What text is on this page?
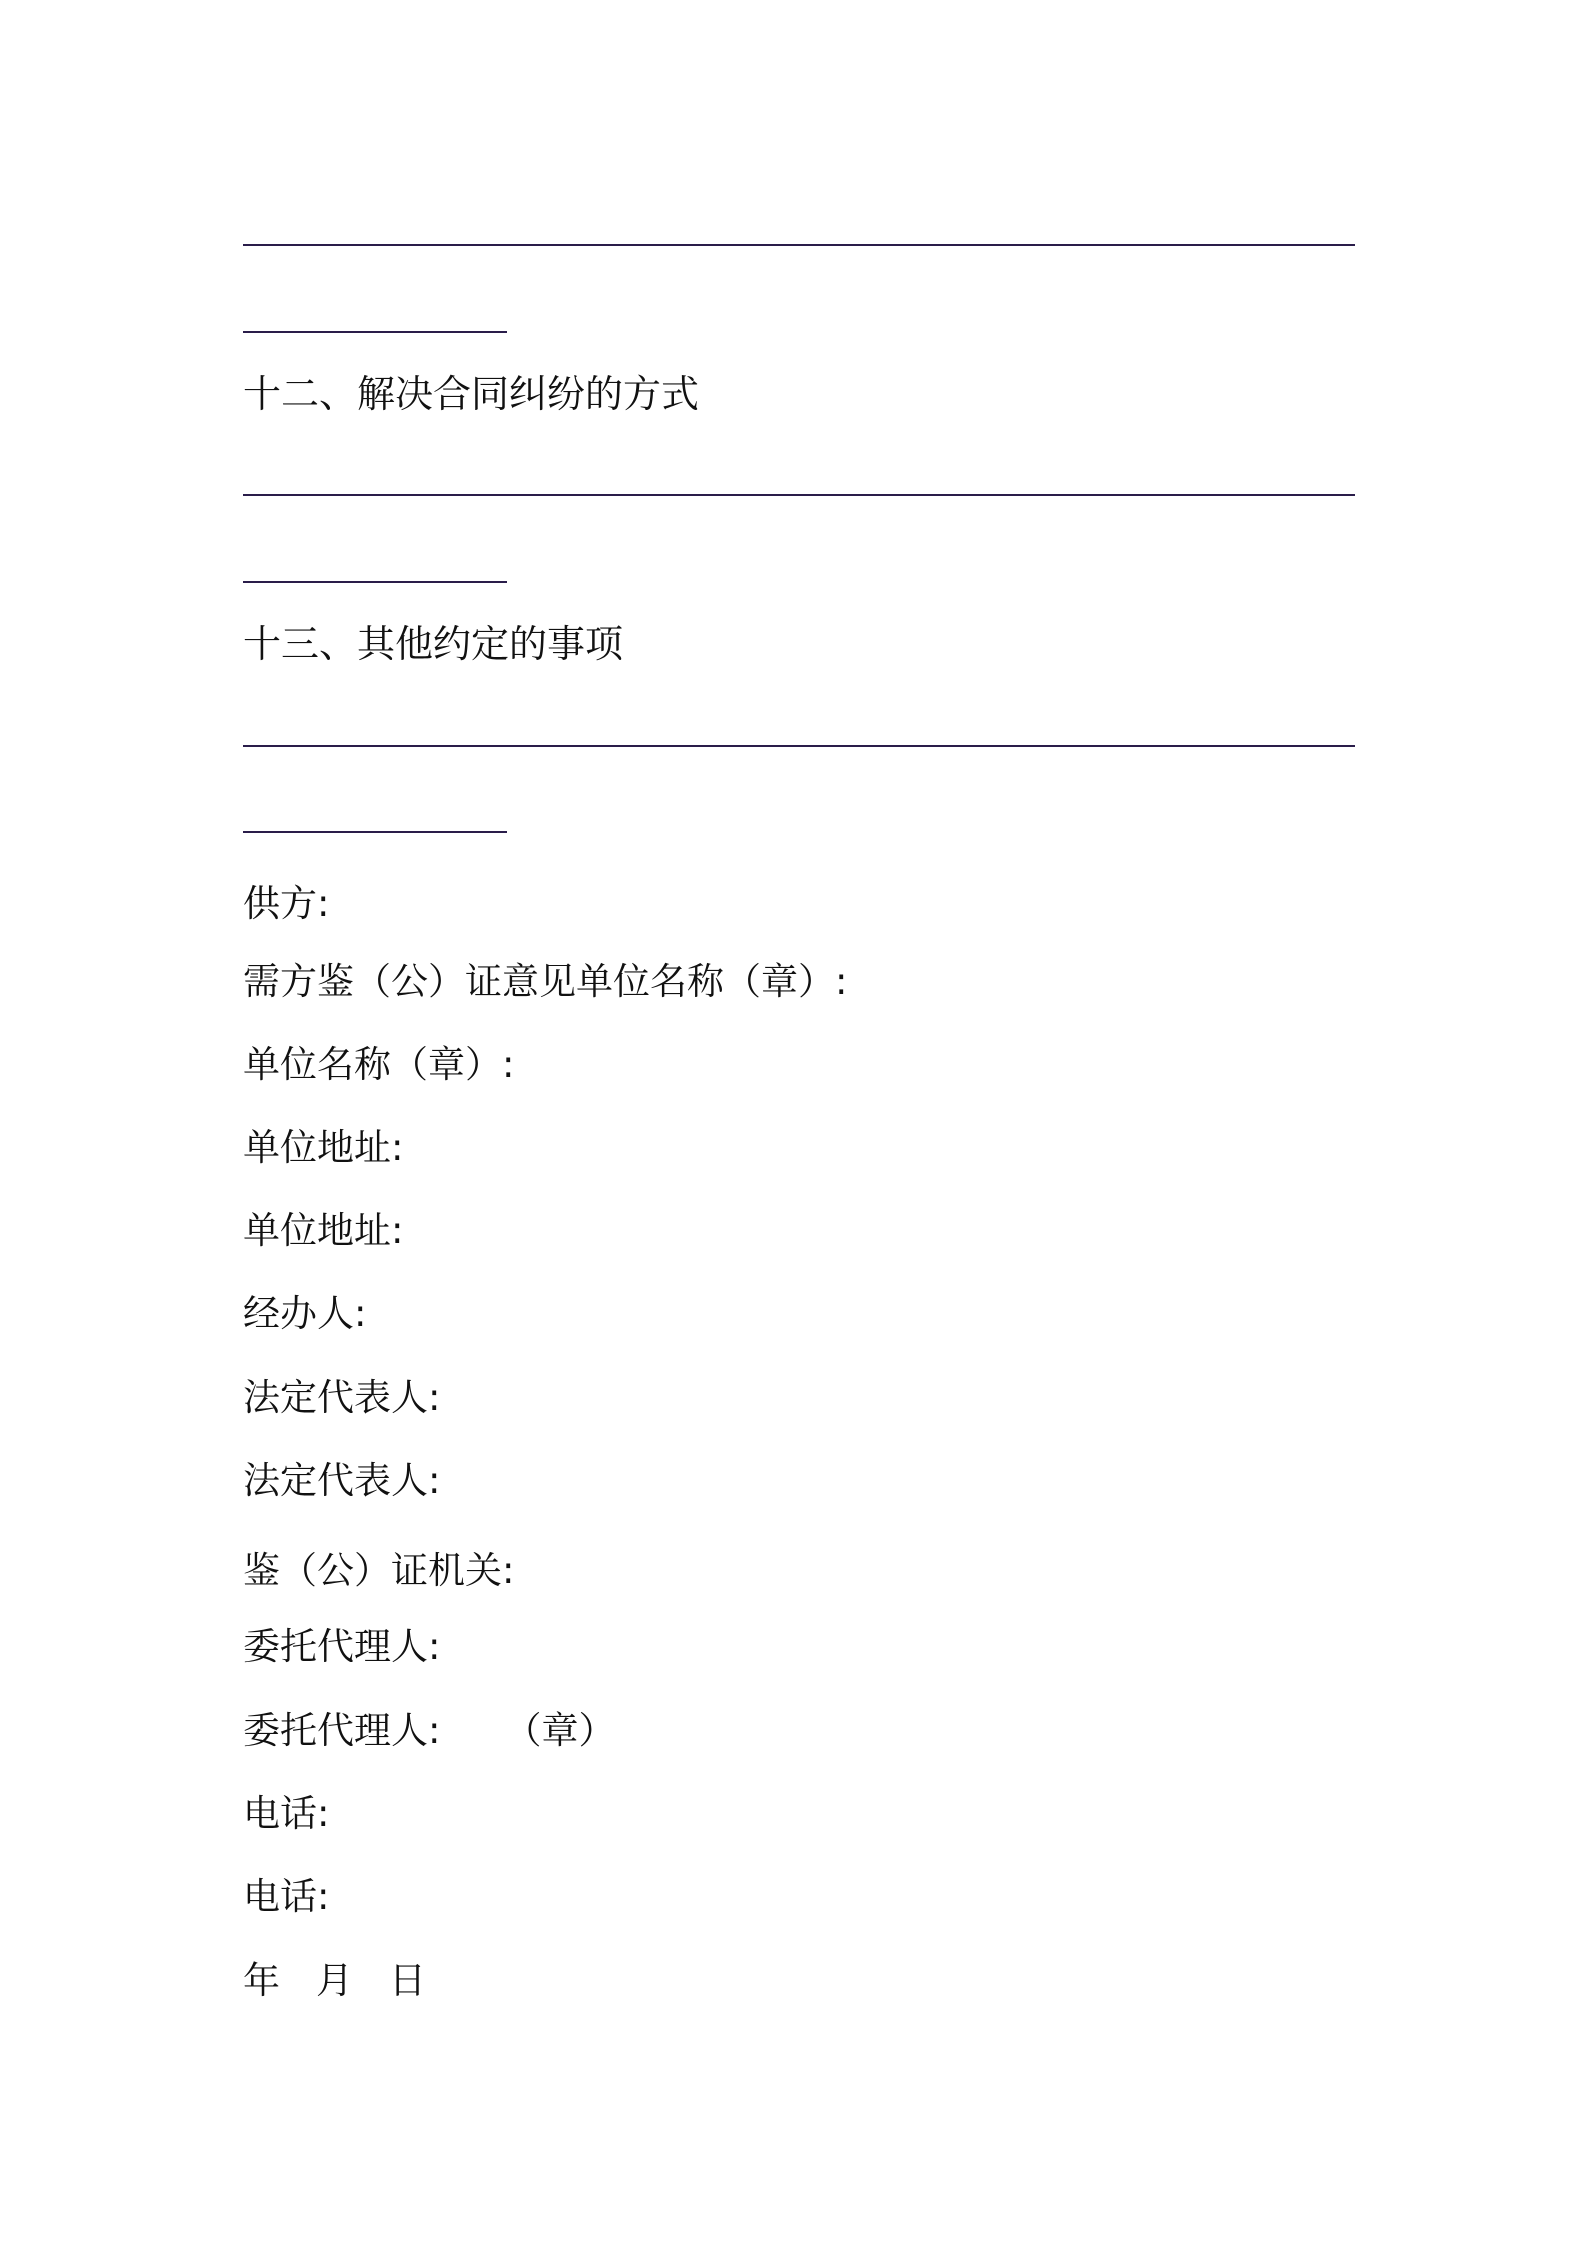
十二、解决合同纠纷的方式
十三、其他约定的事项
供方:
需方鉴（公）证意见单位名称（章）:
单位名称（章）:
单位地址:
单位地址:
经办人:
法定代表人:
法定代表人:
鉴（公）证机关:
委托代理人:
委托代理人: （章）
电话:
电话:
年 月 日
